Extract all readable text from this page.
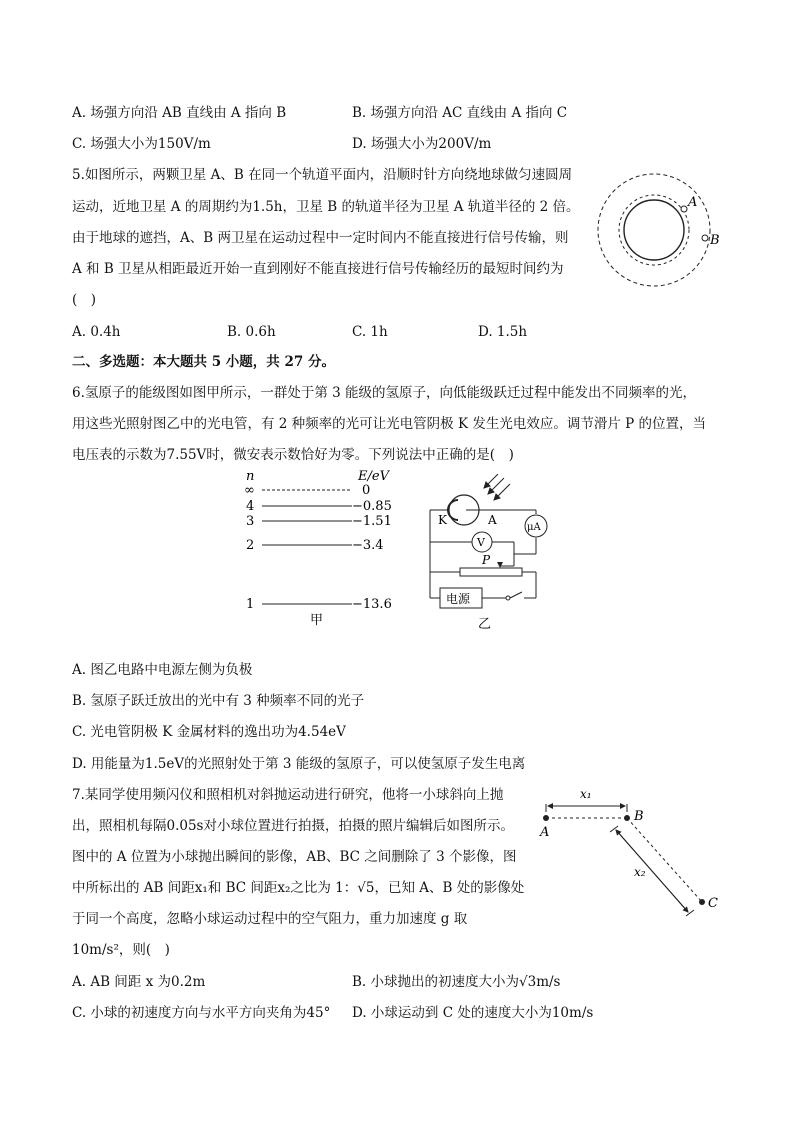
A. 场强方向沿 AB 直线由 A 指向 B	B. 场强方向沿 AC 直线由 A 指向 C
C. 场强大小为150V/m	D. 场强大小为200V/m
5.如图所示，两颗卫星 A、B 在同一个轨道平面内，沿顺时针方向绕地球做匀速圆周
运动，近地卫星 A 的周期约为1.5h，卫星 B 的轨道半径为卫星 A 轨道半径的 2 倍。
由于地球的遮挡，A、B 两卫星在运动过程中一定时间内不能直接进行信号传输，则
A 和 B 卫星从相距最近开始一直到刚好不能直接进行信号传输经历的最短时间约为
(　)
A
B
A. 0.4h	B. 0.6h	C. 1h	D. 1.5h
二、多选题：本大题共 5 小题，共 27 分。
6.氢原子的能级图如图甲所示，一群处于第 3 能级的氢原子，向低能级跃迁过程中能发出不同频率的光，
用这些光照射图乙中的光电管，有 2 种频率的光可让光电管阴极 K 发生光电效应。调节滑片 P 的位置，当
电压表的示数为7.55V时，微安表示数恰好为零。下列说法中正确的是(　)
n	E/eV
∞	0
4	−0.85
3	−1.51
2	−3.4
1	−13.6
甲
K	A
μA
V
P
电源
乙
A. 图乙电路中电源左侧为负极
B. 氢原子跃迁放出的光中有 3 种频率不同的光子
C. 光电管阴极 K 金属材料的逸出功为4.54eV
D. 用能量为1.5eV的光照射处于第 3 能级的氢原子，可以使氢原子发生电离
7.某同学使用频闪仪和照相机对斜抛运动进行研究，他将一小球斜向上抛
出，照相机每隔0.05s对小球位置进行拍摄，拍摄的照片编辑后如图所示。
图中的 A 位置为小球抛出瞬间的影像，AB、BC 之间删除了 3 个影像，图
中所标出的 AB 间距x₁和 BC 间距x₂之比为 1：√5，已知 A、B 处的影像处
于同一个高度，忽略小球运动过程中的空气阻力，重力加速度 g 取
10m/s²，则(　)
x₁
A
B
C
x₂
A. AB 间距 x 为0.2m	B. 小球抛出的初速度大小为√3m/s
C. 小球的初速度方向与水平方向夹角为45° D. 小球运动到 C 处的速度大小为10m/s
